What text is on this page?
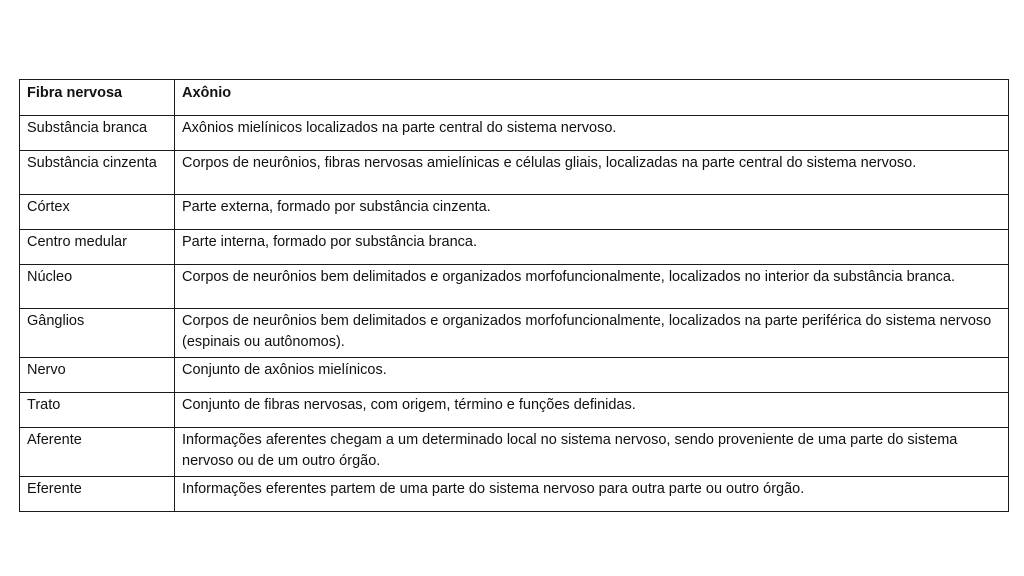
Fibra nervosa	Axônio
Substância branca	Axônios mielínicos localizados na parte central do sistema nervoso.
Substância cinzenta	Corpos de neurônios, fibras nervosas amielínicas e células gliais, localizadas na parte central do sistema nervoso.
Córtex	Parte externa, formado por substância cinzenta.
Centro medular	Parte interna, formado por substância branca.
Núcleo	Corpos de neurônios bem delimitados e organizados morfofuncionalmente, localizados no interior da substância branca.
Gânglios	Corpos de neurônios bem delimitados e organizados morfofuncionalmente, localizados na parte periférica do sistema nervoso (espinais ou autônomos).
Nervo	Conjunto de axônios mielínicos.
Trato	Conjunto de fibras nervosas, com origem, término e funções definidas.
Aferente	Informações aferentes chegam a um determinado local no sistema nervoso, sendo proveniente de uma parte do sistema nervoso ou de um outro órgão.
Eferente	Informações eferentes partem de uma parte do sistema nervoso para outra parte ou outro órgão.
